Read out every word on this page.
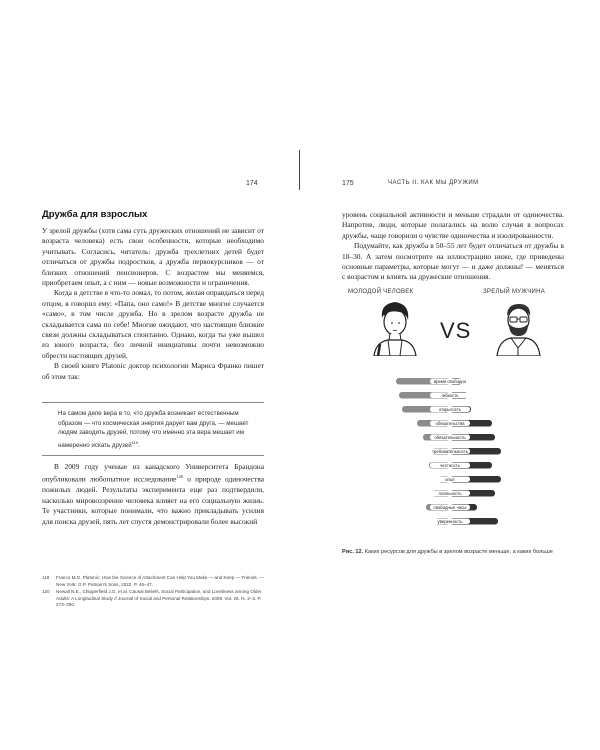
174
Дружба для взрослых

У зрелой дружбы (хотя сама суть дружеских отношений не зависит от возраста человека) есть свои особенности, которые необходимо учитывать. Согласись, читатель: дружба трехлетних детей будет отличаться от дружбы подростков, а дружба первокурсников — от близких отношений пенсионеров. С возрастом мы меняемся, приобретаем опыт, а с ним — новые возможности и ограничения.

Когда в детстве я что-то ломал, то потом, желая оправдаться перед отцом, я говорил ему: «Папа, оно само!» В детстве многое случается «само», в том числе дружба. Но в зрелом возрасте дружба не складывается сама по себе! Многие ожидают, что настоящие близкие связи должны складываться спонтанно. Однако, когда ты уже вышел из юного возраста, без личной инициативы почти невозможно обрести настоящих друзей.

В своей книге Platonic доктор психологии Мариса Франко пишет об этом так:

На самом деле вера в то, что дружба возникает естественным образом — что космическая энергия дарует вам друга, — мешает людям заводить друзей, потому что именно эта вера мешает им намеренно искать друзей$^{119}$.

В 2009 году ученые из канадского Университета Брандона опубликовали любопытное исследование$^{120}$ о природе одиночества пожилых людей. Результаты эксперимента еще раз подтвердили, насколько мировоззрение человека влияет на его социальную жизнь. Те участники, которые понимали, что важно прикладывать усилия для поиска друзей, пять лет спустя демонстрировали более высокий

119	Franco M.G. Platonic: How the Science of Attachment Can Help You Make — and Keep — Friends. — New York: G.P. Putnam's Sons, 2022. P. 46–47.
120	Newall N.E., Chipperfield J.G. et al. Causal Beliefs, Social Participation, and Loneliness among Older Adults: A Longitudinal Study // Journal of Social and Personal Relationships. 2009. Vol. 26. Is. 2–3. P. 273–290.
175	ЧАСТЬ II. КАК МЫ ДРУЖИМ

уровень социальной активности и меньше страдали от одиночества. Напротив, люди, которые полагались на волю случая в вопросах дружбы, чаще говорили о чувстве одиночества и изолированности.

Подумайте, как дружба в 50–55 лет будет отличаться от дружбы в 18–30. А затем посмотрите на иллюстрацию ниже, где приведены основные параметры, которые могут — и даже должны! — меняться с возрастом и влиять на дружеские отношения.

МОЛОДОЙ ЧЕЛОВЕК	ЗРЕЛЫЙ МУЖЧИНА
VS
время свободно
гибкость
открытость
обязательства
обязательность
требовательность
честность
опыт
лояльность
свободные часы
уверенность
Рис. 12. Каких ресурсов для дружбы в зрелом возрасте меньше, а каких больше
